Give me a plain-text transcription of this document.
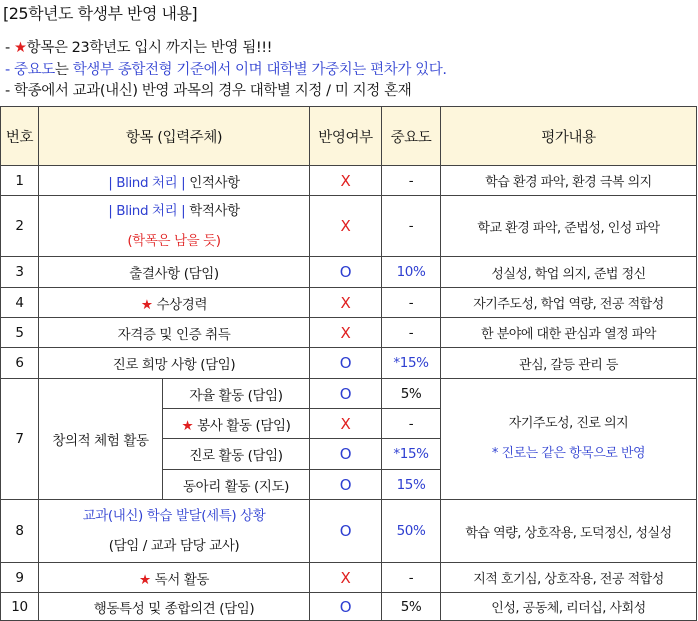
[25학년도 학생부 반영 내용]
- ★항목은 23학년도 입시 까지는 반영 됨!!!
- 중요도는 학생부 종합전형 기준에서 이며 대학별 가중치는 편차가 있다.
- 학종에서 교과(내신) 반영 과목의 경우 대학별 지정 / 미 지정 혼재
번호	항목 (입력주체)		반영여부	중요도	평가내용
1	| Blind 처리 | 인적사항		X	-	학습 환경 파악, 환경 극복 의지
2	| Blind 처리 | 학적사항
(학폭은 남을 듯)		X	-	학교 환경 파악, 준법성, 인성 파악
3	출결사항 (담임)		O	10%	성실성, 학업 의지, 준법 정신
4	★ 수상경력		X	-	자기주도성, 학업 역량, 전공 적합성
5	자격증 및 인증 취득		X	-	한 분야에 대한 관심과 열정 파악
6	진로 희망 사항 (담임)		O	*15%	관심, 갈등 관리 등
7	창의적 체험 활동	자율 활동 (담임)	O	5%	자기주도성, 진로 의지
* 진로는 같은 항목으로 반영

		★ 봉사 활동 (담임)	X	-	
		진로 활동 (담임)	O	*15%	
		동아리 활동 (지도)	O	15%	
8	교과(내신) 학습 발달(세특) 상황
(담임 / 교과 담당 교사)		O	50%	학습 역량, 상호작용, 도덕정신, 성실성
9	★ 독서 활동		X	-	지적 호기심, 상호작용, 전공 적합성
10	행동특성 및 종합의견 (담임)		O	5%	인성, 공동체, 리더십, 사회성
